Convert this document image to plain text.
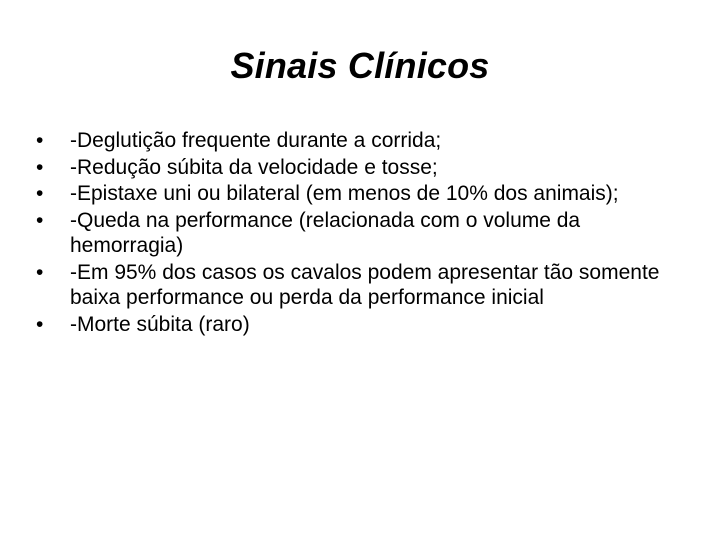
Sinais Clínicos
• -Deglutição frequente durante a corrida;
• -Redução súbita da velocidade e tosse;
• -Epistaxe uni ou bilateral (em menos de 10% dos animais);
• -Queda na performance (relacionada com o volume da hemorragia)
• -Em 95% dos casos os cavalos podem apresentar tão somente baixa performance ou perda da performance inicial
• -Morte súbita (raro)
